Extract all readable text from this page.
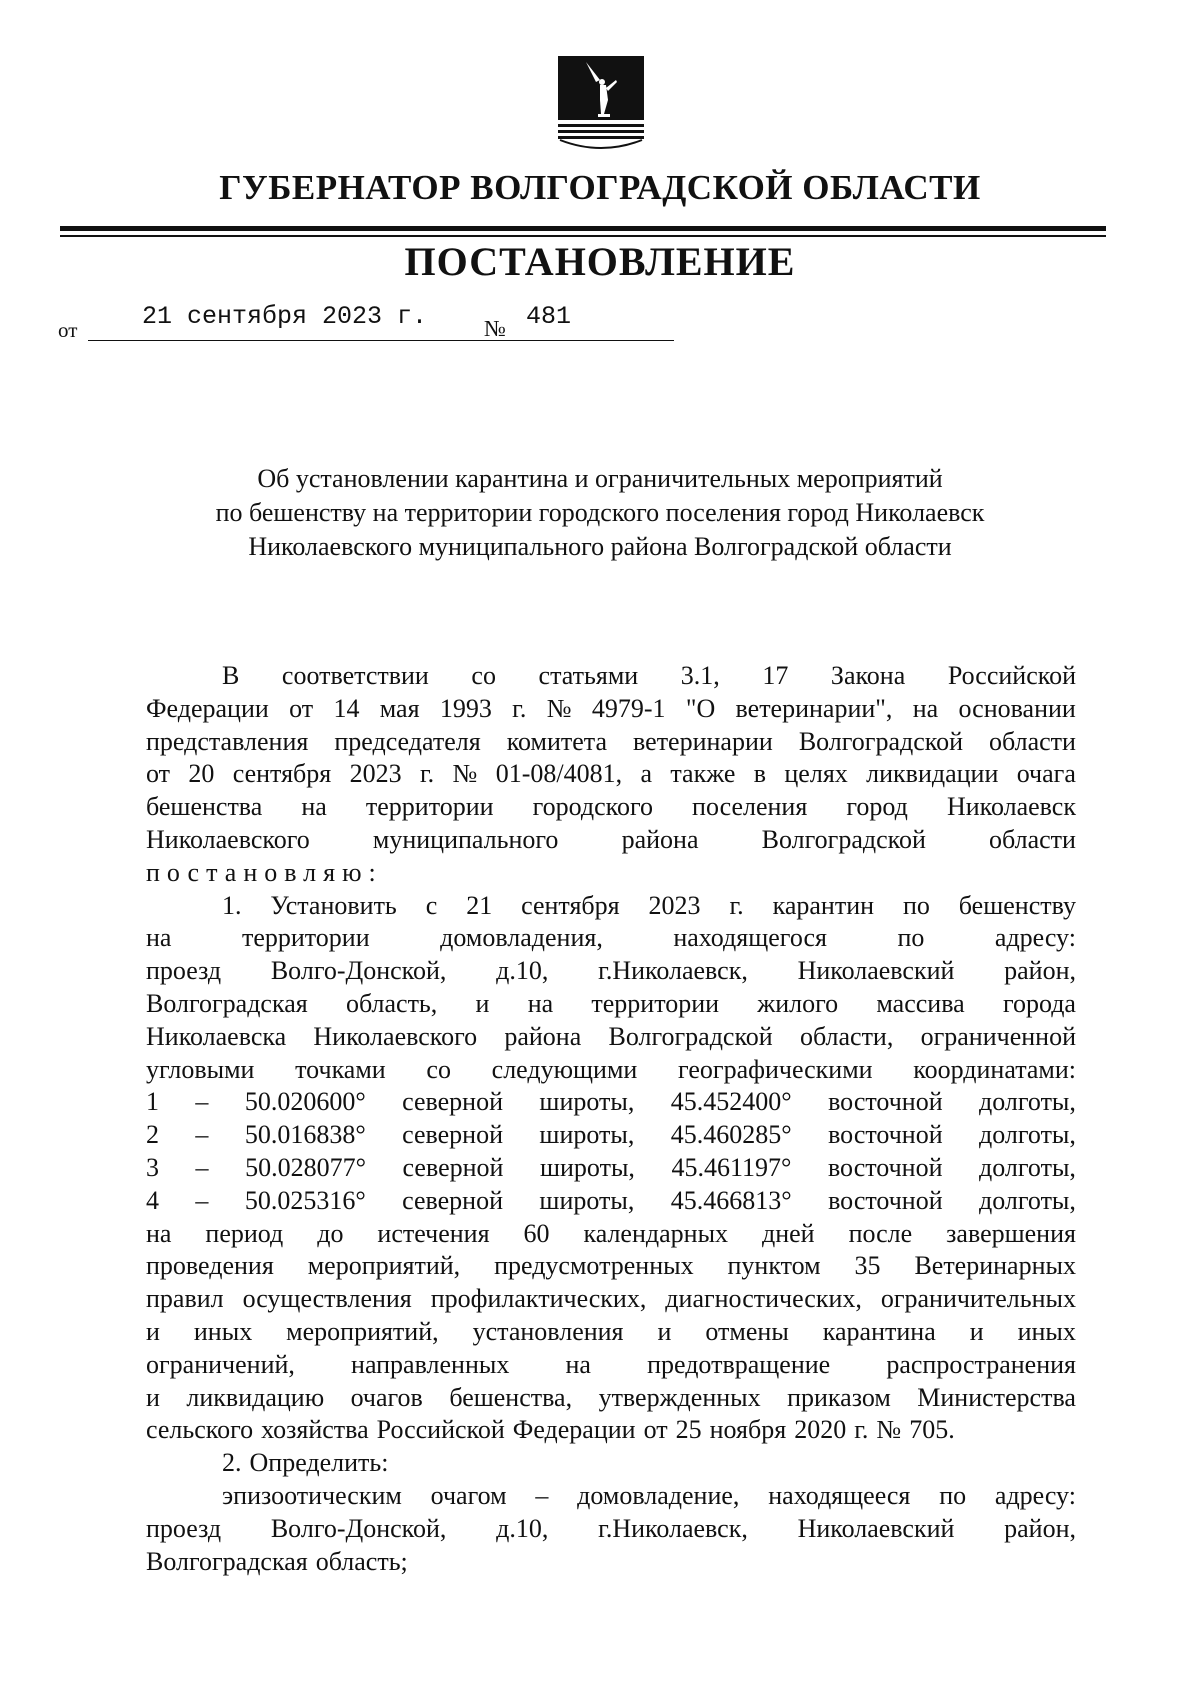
ГУБЕРНАТОР ВОЛГОГРАДСКОЙ ОБЛАСТИ
ПОСТАНОВЛЕНИЕ
от	21 сентября 2023 г. № 481
Об установлении карантина и ограничительных мероприятий
по бешенству на территории городского поселения город Николаевск
Николаевского муниципального района Волгоградской области
В соответствии со статьями 3.1, 17 Закона Российской
Федерации от 14 мая 1993 г. № 4979-1 "О ветеринарии", на основании
представления председателя комитета ветеринарии Волгоградской области
от 20 сентября 2023 г. № 01-08/4081, а также в целях ликвидации очага
бешенства на территории городского поселения город Николаевск
Николаевского муниципального района Волгоградской области
постановляю:
1. Установить с 21 сентября 2023 г. карантин по бешенству
на	территории	домовладения,	находящегося	по	адресу:
проезд Волго-Донской, д.10, г.Николаевск, Николаевский район,
Волгоградская область, и на территории жилого массива города
Николаевска Николаевского района Волгоградской области, ограниченной
угловыми точками со следующими географическими координатами:
1 – 50.020600° северной широты, 45.452400° восточной долготы,
2 – 50.016838° северной широты, 45.460285° восточной долготы,
3 – 50.028077° северной широты, 45.461197° восточной долготы,
4 – 50.025316° северной широты, 45.466813° восточной долготы,
на период до истечения 60 календарных дней после завершения
проведения мероприятий, предусмотренных пунктом 35 Ветеринарных
правил осуществления профилактических, диагностических, ограничительных
и иных мероприятий, установления и отмены карантина и иных
ограничений, направленных на предотвращение распространения
и ликвидацию очагов бешенства, утвержденных приказом Министерства
сельского хозяйства Российской Федерации от 25 ноября 2020 г. № 705.
2. Определить:
эпизоотическим очагом – домовладение, находящееся по адресу:
проезд Волго-Донской, д.10, г.Николаевск, Николаевский район,
Волгоградская область;
